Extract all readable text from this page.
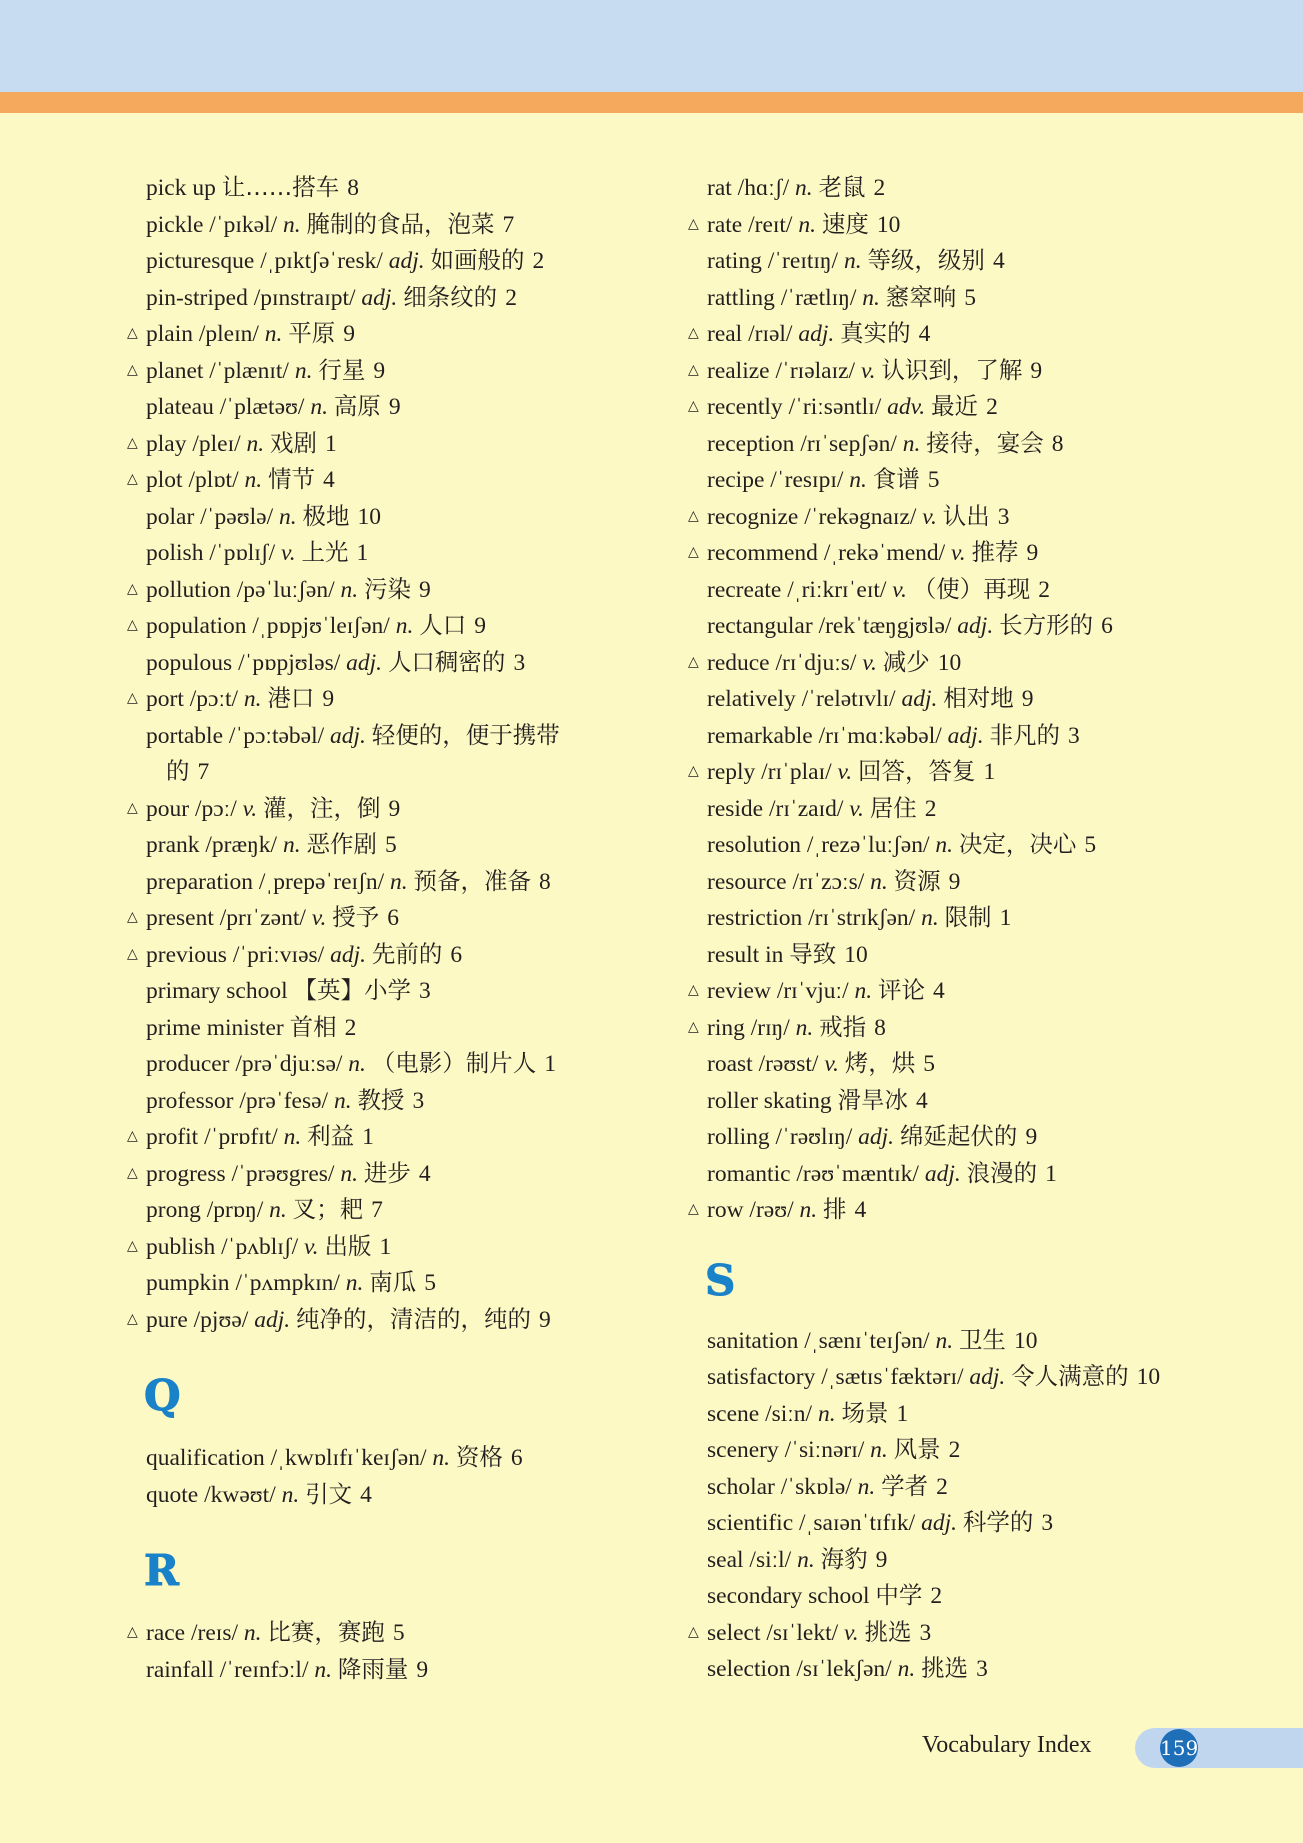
pick up 让……搭车 8
pickle /ˈpɪkəl/ n. 腌制的食品，泡菜 7
picturesque /ˌpɪktʃəˈresk/ adj. 如画般的 2
pin-striped /pɪnstraɪpt/ adj. 细条纹的 2
△ plain /pleɪn/ n. 平原 9
△ planet /ˈplænɪt/ n. 行星 9
plateau /ˈplætəʊ/ n. 高原 9
△ play /pleɪ/ n. 戏剧 1
△ plot /plɒt/ n. 情节 4
polar /ˈpəʊlə/ n. 极地 10
polish /ˈpɒlɪʃ/ v. 上光 1
△ pollution /pəˈluːʃən/ n. 污染 9
△ population /ˌpɒpjʊˈleɪʃən/ n. 人口 9
populous /ˈpɒpjʊləs/ adj. 人口稠密的 3
△ port /pɔːt/ n. 港口 9
portable /ˈpɔːtəbəl/ adj. 轻便的，便于携带
的 7
△ pour /pɔː/ v. 灌，注，倒 9
prank /præŋk/ n. 恶作剧 5
preparation /ˌprepəˈreɪʃn/ n. 预备，准备 8
△ present /prɪˈzənt/ v. 授予 6
△ previous /ˈpriːvɪəs/ adj. 先前的 6
primary school 【英】小学 3
prime minister 首相 2
producer /prəˈdjuːsə/ n. （电影）制片人 1
professor /prəˈfesə/ n. 教授 3
△ profit /ˈprɒfɪt/ n. 利益 1
△ progress /ˈprəʊgres/ n. 进步 4
prong /prɒŋ/ n. 叉；耙 7
△ publish /ˈpʌblɪʃ/ v. 出版 1
pumpkin /ˈpʌmpkɪn/ n. 南瓜 5
△ pure /pjʊə/ adj. 纯净的，清洁的，纯的 9
Q
qualification /ˌkwɒlɪfɪˈkeɪʃən/ n. 资格 6
quote /kwəʊt/ n. 引文 4
R
△ race /reɪs/ n. 比赛，赛跑 5
rainfall /ˈreɪnfɔːl/ n. 降雨量 9
rat /hɑːʃ/ n. 老鼠 2
△ rate /reɪt/ n. 速度 10
rating /ˈreɪtɪŋ/ n. 等级，级别 4
rattling /ˈrætlɪŋ/ n. 窸窣响 5
△ real /rɪəl/ adj. 真实的 4
△ realize /ˈrɪəlaɪz/ v. 认识到，了解 9
△ recently /ˈriːsəntlɪ/ adv. 最近 2
reception /rɪˈsepʃən/ n. 接待，宴会 8
recipe /ˈresɪpɪ/ n. 食谱 5
△ recognize /ˈrekəgnaɪz/ v. 认出 3
△ recommend /ˌrekəˈmend/ v. 推荐 9
recreate /ˌriːkrɪˈeɪt/ v. （使）再现 2
rectangular /rekˈtæŋgjʊlə/ adj. 长方形的 6
△ reduce /rɪˈdjuːs/ v. 减少 10
relatively /ˈrelətɪvlɪ/ adj. 相对地 9
remarkable /rɪˈmɑːkəbəl/ adj. 非凡的 3
△ reply /rɪˈplaɪ/ v. 回答，答复 1
reside /rɪˈzaɪd/ v. 居住 2
resolution /ˌrezəˈluːʃən/ n. 决定，决心 5
resource /rɪˈzɔːs/ n. 资源 9
restriction /rɪˈstrɪkʃən/ n. 限制 1
result in 导致 10
△ review /rɪˈvjuː/ n. 评论 4
△ ring /rɪŋ/ n. 戒指 8
roast /rəʊst/ v. 烤，烘 5
roller skating 滑旱冰 4
rolling /ˈrəʊlɪŋ/ adj. 绵延起伏的 9
romantic /rəʊˈmæntɪk/ adj. 浪漫的 1
△ row /rəʊ/ n. 排 4
S
sanitation /ˌsænɪˈteɪʃən/ n. 卫生 10
satisfactory /ˌsætɪsˈfæktərɪ/ adj. 令人满意的 10
scene /siːn/ n. 场景 1
scenery /ˈsiːnərɪ/ n. 风景 2
scholar /ˈskɒlə/ n. 学者 2
scientific /ˌsaɪənˈtɪfɪk/ adj. 科学的 3
seal /siːl/ n. 海豹 9
secondary school 中学 2
△ select /sɪˈlekt/ v. 挑选 3
selection /sɪˈlekʃən/ n. 挑选 3
Vocabulary Index	159
